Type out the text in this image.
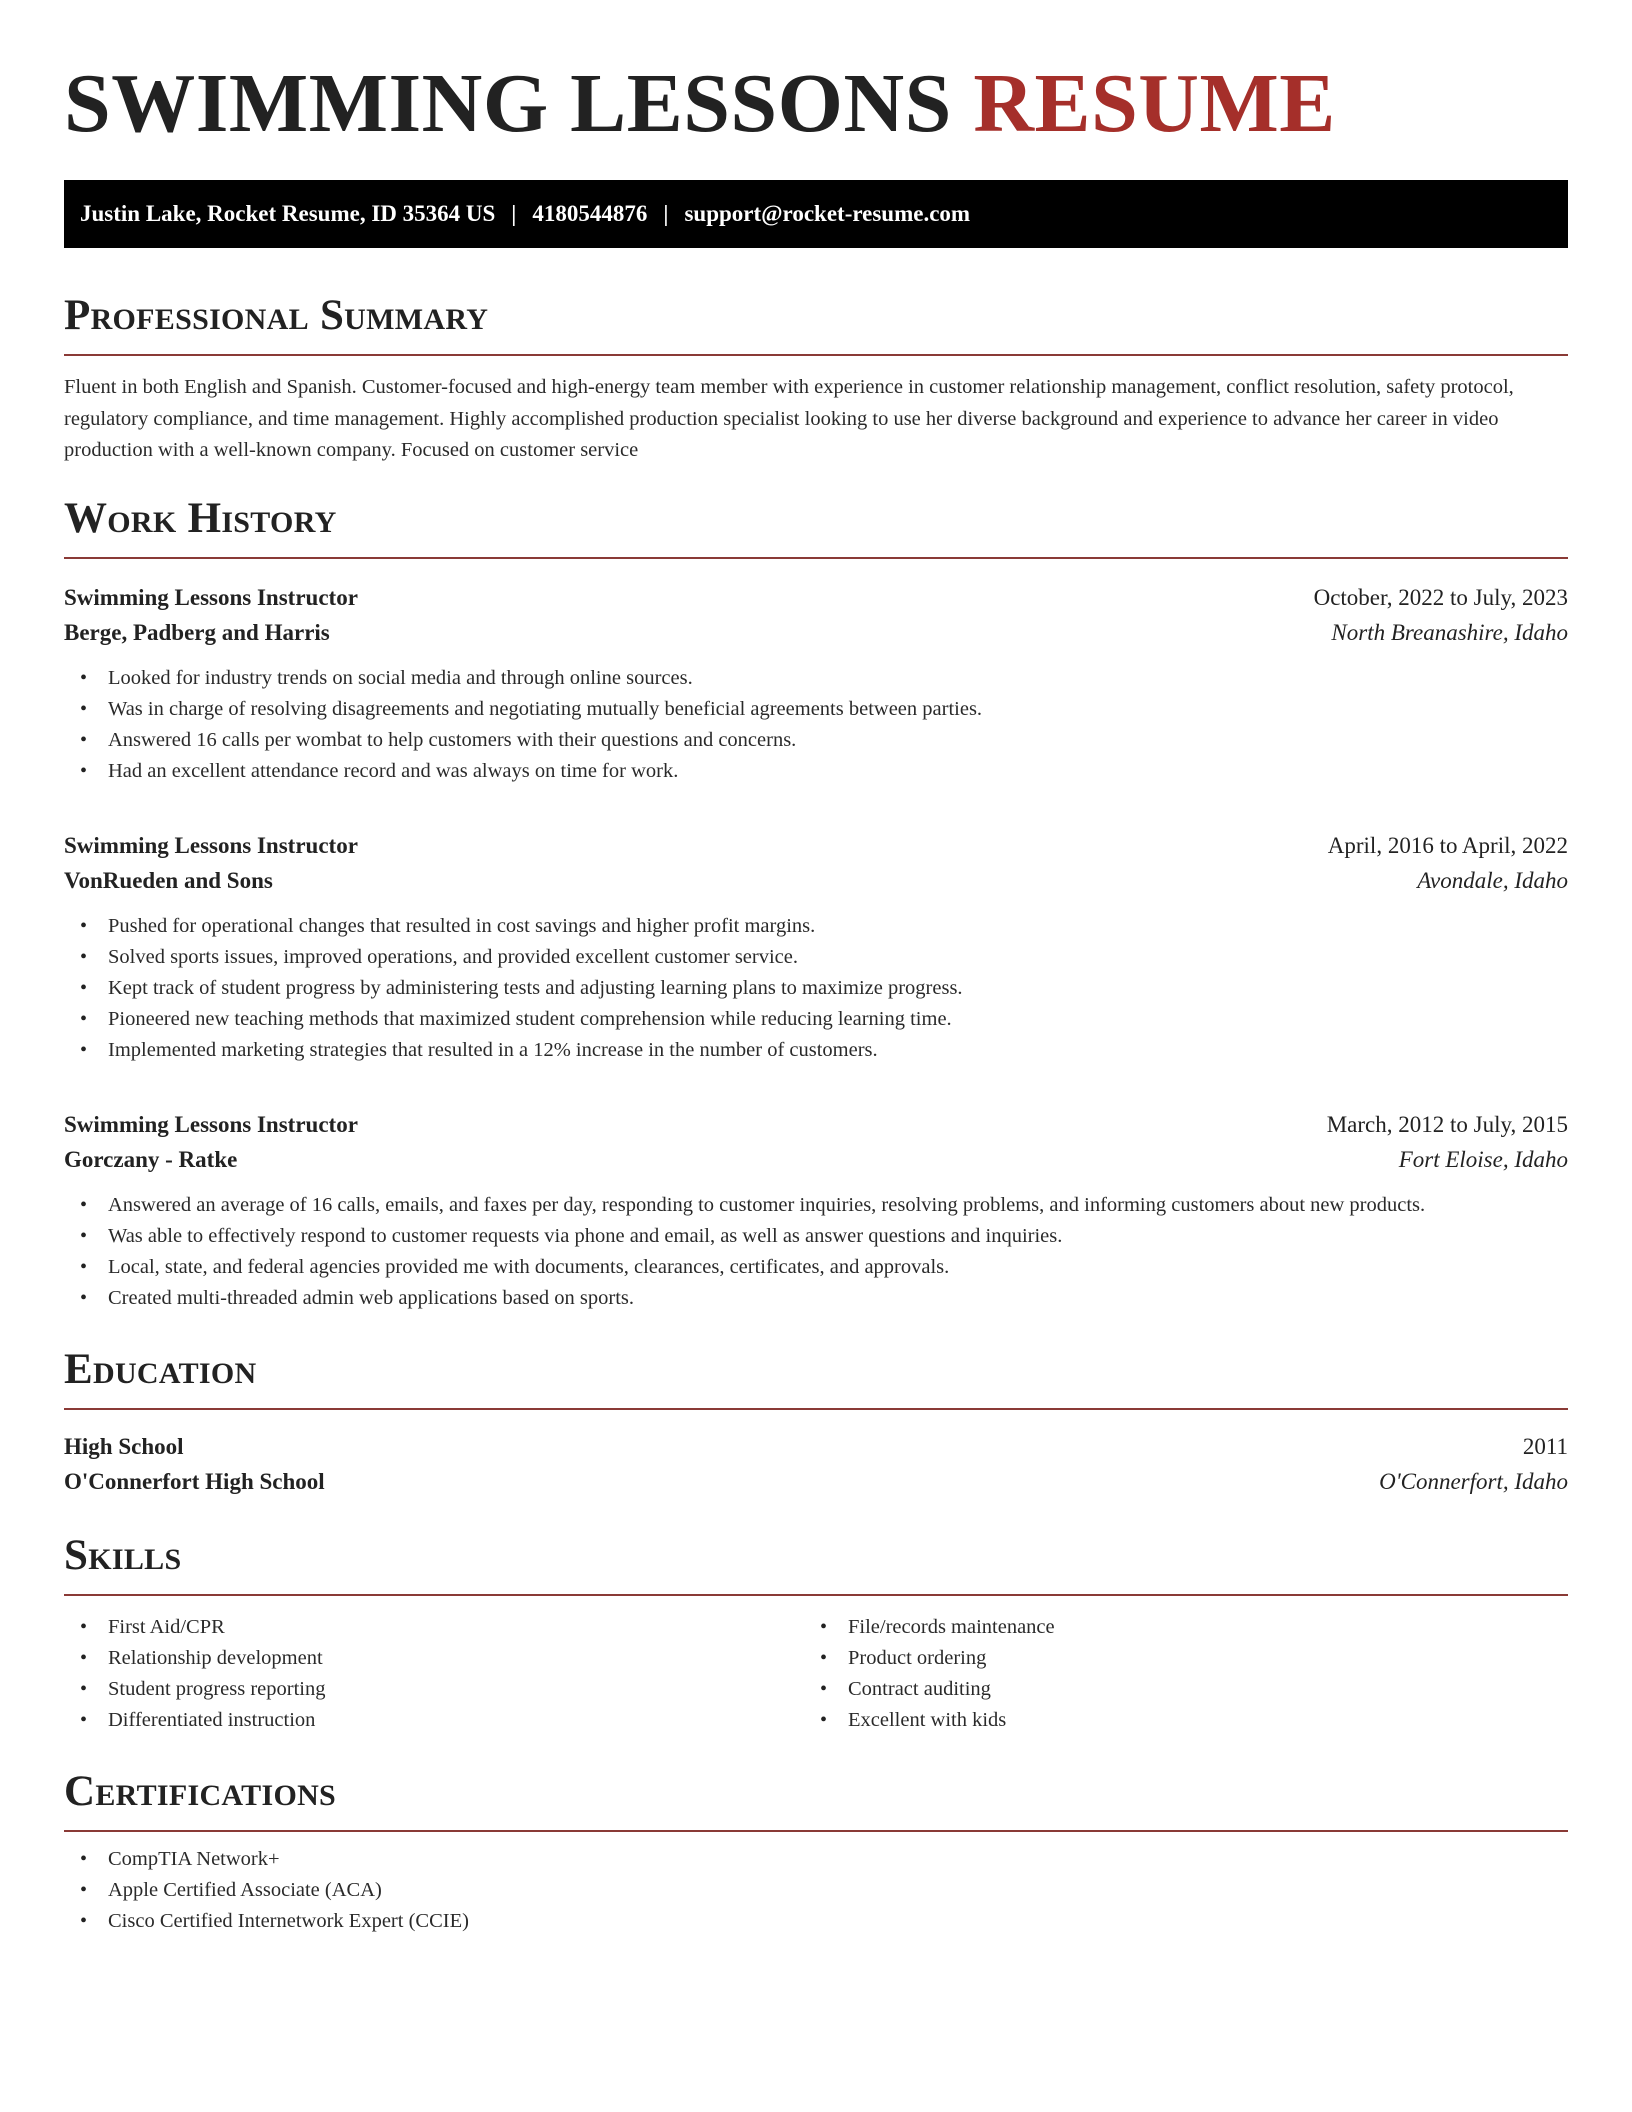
SWIMMING LESSONS RESUME
Justin Lake, Rocket Resume, ID 35364 US | 4180544876 | support@rocket-resume.com
Professional Summary

Fluent in both English and Spanish. Customer-focused and high-energy team member with experience in customer relationship management, conflict resolution, safety protocol, regulatory compliance, and time management. Highly accomplished production specialist looking to use her diverse background and experience to advance her career in video production with a well-known company. Focused on customer service

Work History
Swimming Lessons Instructor	October, 2022 to July, 2023
Berge, Padberg and Harris	North Breanashire, Idaho
• Looked for industry trends on social media and through online sources.
• Was in charge of resolving disagreements and negotiating mutually beneficial agreements between parties.
• Answered 16 calls per wombat to help customers with their questions and concerns.
• Had an excellent attendance record and was always on time for work.
Swimming Lessons Instructor	April, 2016 to April, 2022
VonRueden and Sons	Avondale, Idaho
• Pushed for operational changes that resulted in cost savings and higher profit margins.
• Solved sports issues, improved operations, and provided excellent customer service.
• Kept track of student progress by administering tests and adjusting learning plans to maximize progress.
• Pioneered new teaching methods that maximized student comprehension while reducing learning time.
• Implemented marketing strategies that resulted in a 12% increase in the number of customers.
Swimming Lessons Instructor	March, 2012 to July, 2015
Gorczany - Ratke	Fort Eloise, Idaho
• Answered an average of 16 calls, emails, and faxes per day, responding to customer inquiries, resolving problems, and informing customers about new products.
• Was able to effectively respond to customer requests via phone and email, as well as answer questions and inquiries.
• Local, state, and federal agencies provided me with documents, clearances, certificates, and approvals.
• Created multi-threaded admin web applications based on sports.
Education
High School	2011
O'Connerfort High School	O'Connerfort, Idaho
Skills
• First Aid/CPR
• Relationship development
• Student progress reporting
• Differentiated instruction
• File/records maintenance
• Product ordering
• Contract auditing
• Excellent with kids
Certifications
• CompTIA Network+
• Apple Certified Associate (ACA)
• Cisco Certified Internetwork Expert (CCIE)
